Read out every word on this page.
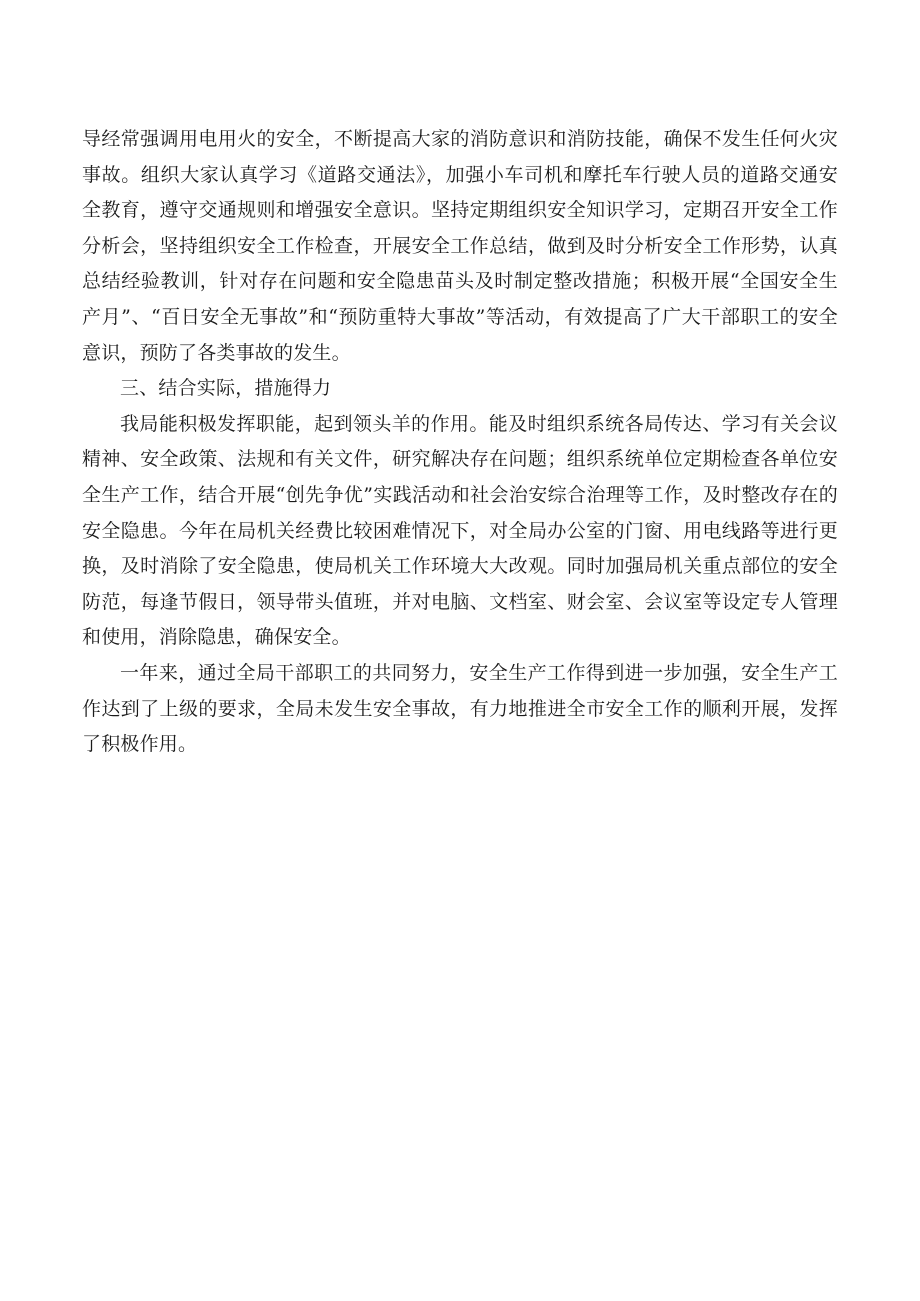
导经常强调用电用火的安全，不断提高大家的消防意识和消防技能，确保不发生任何火灾事故。组织大家认真学习《道路交通法》，加强小车司机和摩托车行驶人员的道路交通安全教育，遵守交通规则和增强安全意识。坚持定期组织安全知识学习，定期召开安全工作分析会，坚持组织安全工作检查，开展安全工作总结，做到及时分析安全工作形势，认真总结经验教训，针对存在问题和安全隐患苗头及时制定整改措施；积极开展“全国安全生产月”、“百日安全无事故”和“预防重特大事故”等活动，有效提高了广大干部职工的安全意识，预防了各类事故的发生。

三、结合实际，措施得力

我局能积极发挥职能，起到领头羊的作用。能及时组织系统各局传达、学习有关会议精神、安全政策、法规和有关文件，研究解决存在问题；组织系统单位定期检查各单位安全生产工作，结合开展“创先争优”实践活动和社会治安综合治理等工作，及时整改存在的安全隐患。今年在局机关经费比较困难情况下，对全局办公室的门窗、用电线路等进行更换，及时消除了安全隐患，使局机关工作环境大大改观。同时加强局机关重点部位的安全防范，每逢节假日，领导带头值班，并对电脑、文档室、财会室、会议室等设定专人管理和使用，消除隐患，确保安全。

一年来，通过全局干部职工的共同努力，安全生产工作得到进一步加强，安全生产工作达到了上级的要求，全局未发生安全事故，有力地推进全市安全工作的顺利开展，发挥了积极作用。
